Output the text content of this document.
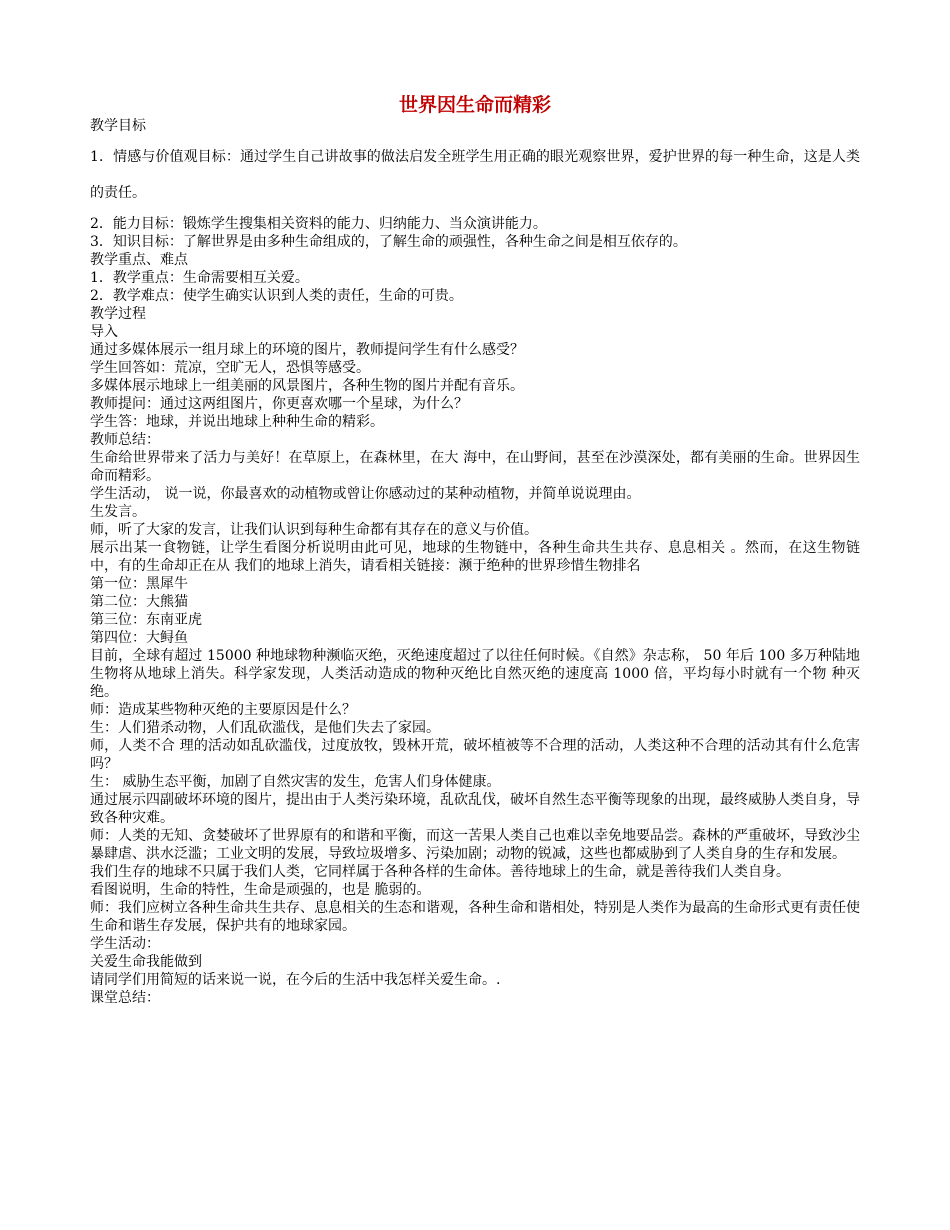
世界因生命而精彩

教学目标

1．情感与价值观目标：通过学生自己讲故事的做法启发全班学生用正确的眼光观察世界，爱护世界的每一种生命，这是人类的责任。

2．能力目标：锻炼学生搜集相关资料的能力、归纳能力、当众演讲能力。

3．知识目标：了解世界是由多种生命组成的，了解生命的顽强性，各种生命之间是相互依存的。

教学重点、难点

1．教学重点：生命需要相互关爱。

2．教学难点：使学生确实认识到人类的责任，生命的可贵。

教学过程

导入

通过多媒体展示一组月球上的环境的图片，教师提问学生有什么感受？

学生回答如：荒凉，空旷无人，恐惧等感受。

多媒体展示地球上一组美丽的风景图片，各种生物的图片并配有音乐。

教师提问：通过这两组图片，你更喜欢哪一个星球，为什么？

学生答：地球，并说出地球上种种生命的精彩。

教师总结：

生命给世界带来了活力与美好！在草原上，在森林里，在大 海中，在山野间，甚至在沙漠深处，都有美丽的生命。世界因生命而精彩。

学生活动， 说一说，你最喜欢的动植物或曾让你感动过的某种动植物，并简单说说理由。

生发言。

师，听了大家的发言，让我们认识到每种生命都有其存在的意义与价值。

展示出某一食物链，让学生看图分析说明由此可见，地球的生物链中，各种生命共生共存、息息相关 。然而，在这生物链中，有的生命却正在从 我们的地球上消失，请看相关链接：濒于绝种的世界珍惜生物排名

第一位：黑犀牛

第二位：大熊猫

第三位：东南亚虎

第四位：大鲟鱼

目前，全球有超过 15000 种地球物种濒临灭绝，灭绝速度超过了以往任何时候。《自然》杂志称， 50 年后 100 多万种陆地生物将从地球上消失。科学家发现，人类活动造成的物种灭绝比自然灭绝的速度高 1000 倍，平均每小时就有一个物 种灭绝。

师：造成某些物种灭绝的主要原因是什么？

生：人们猎杀动物，人们乱砍滥伐，是他们失去了家园。

师，人类不合 理的活动如乱砍滥伐，过度放牧，毁林开荒，破坏植被等不合理的活动，人类这种不合理的活动其有什么危害吗？

生： 威胁生态平衡，加剧了自然灾害的发生，危害人们身体健康。

通过展示四副破坏环境的图片，提出由于人类污染环境，乱砍乱伐，破坏自然生态平衡等现象的出现，最终威胁人类自身，导致各种灾难。

师：人类的无知、贪婪破坏了世界原有的和谐和平衡，而这一苦果人类自己也难以幸免地要品尝。森林的严重破坏，导致沙尘暴肆虐、洪水泛滥；工业文明的发展，导致垃圾增多、污染加剧；动物的锐减，这些也都威胁到了人类自身的生存和发展。

我们生存的地球不只属于我们人类，它同样属于各种各样的生命体。善待地球上的生命，就是善待我们人类自身。

看图说明，生命的特性，生命是顽强的，也是 脆弱的。

师：我们应树立各种生命共生共存、息息相关的生态和谐观，各种生命和谐相处，特别是人类作为最高的生命形式更有责任使生命和谐生存发展，保护共有的地球家园。

学生活动：

关爱生命我能做到

请同学们用简短的话来说一说，在今后的生活中我怎样关爱生命。.

课堂总结：
